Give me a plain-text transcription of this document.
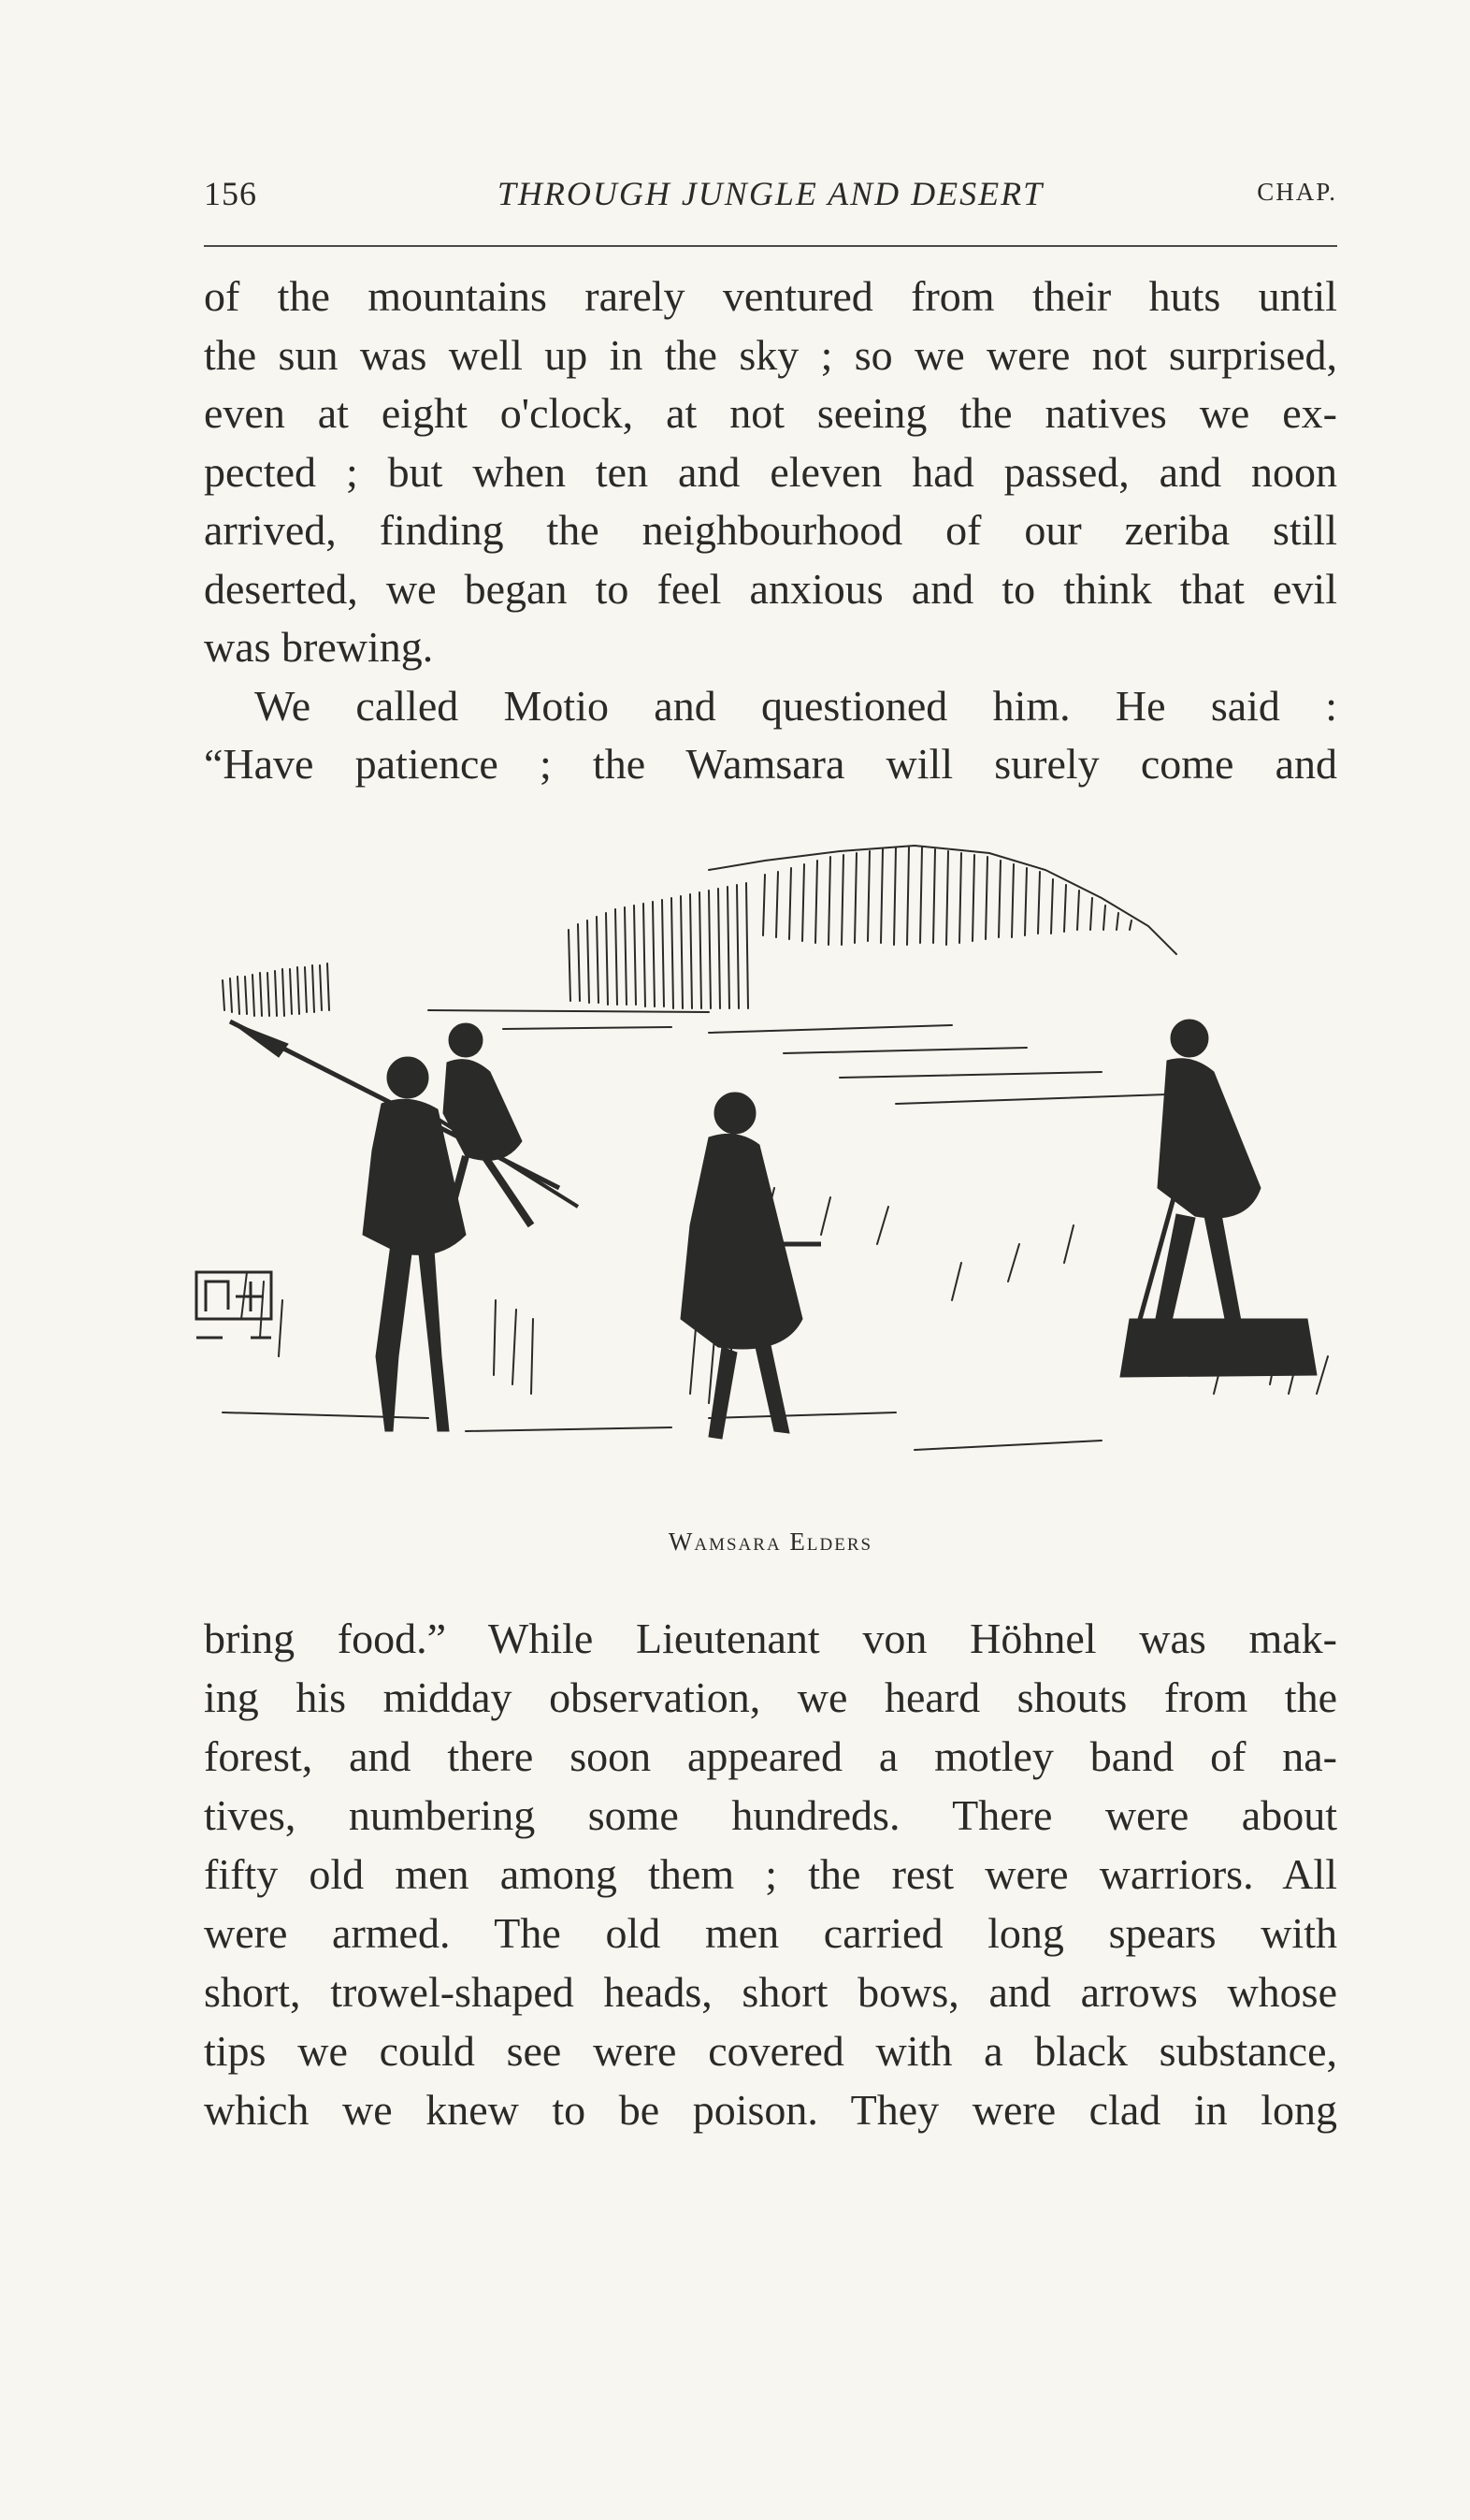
156	THROUGH JUNGLE AND DESERT	CHAP.
of the mountains rarely ventured from their huts until
the sun was well up in the sky ; so we were not surprised,
even at eight o'clock, at not seeing the natives we ex-
pected ; but when ten and eleven had passed, and noon
arrived, finding the neighbourhood of our zeriba still
deserted, we began to feel anxious and to think that evil
was brewing.
We called Motio and questioned him. He said :
“Have patience ; the Wamsara will surely come and
Wamsara Elders
bring food.” While Lieutenant von Höhnel was mak-
ing his midday observation, we heard shouts from the
forest, and there soon appeared a motley band of na-
tives, numbering some hundreds. There were about
fifty old men among them ; the rest were warriors. All
were armed. The old men carried long spears with
short, trowel-shaped heads, short bows, and arrows whose
tips we could see were covered with a black substance,
which we knew to be poison. They were clad in long
